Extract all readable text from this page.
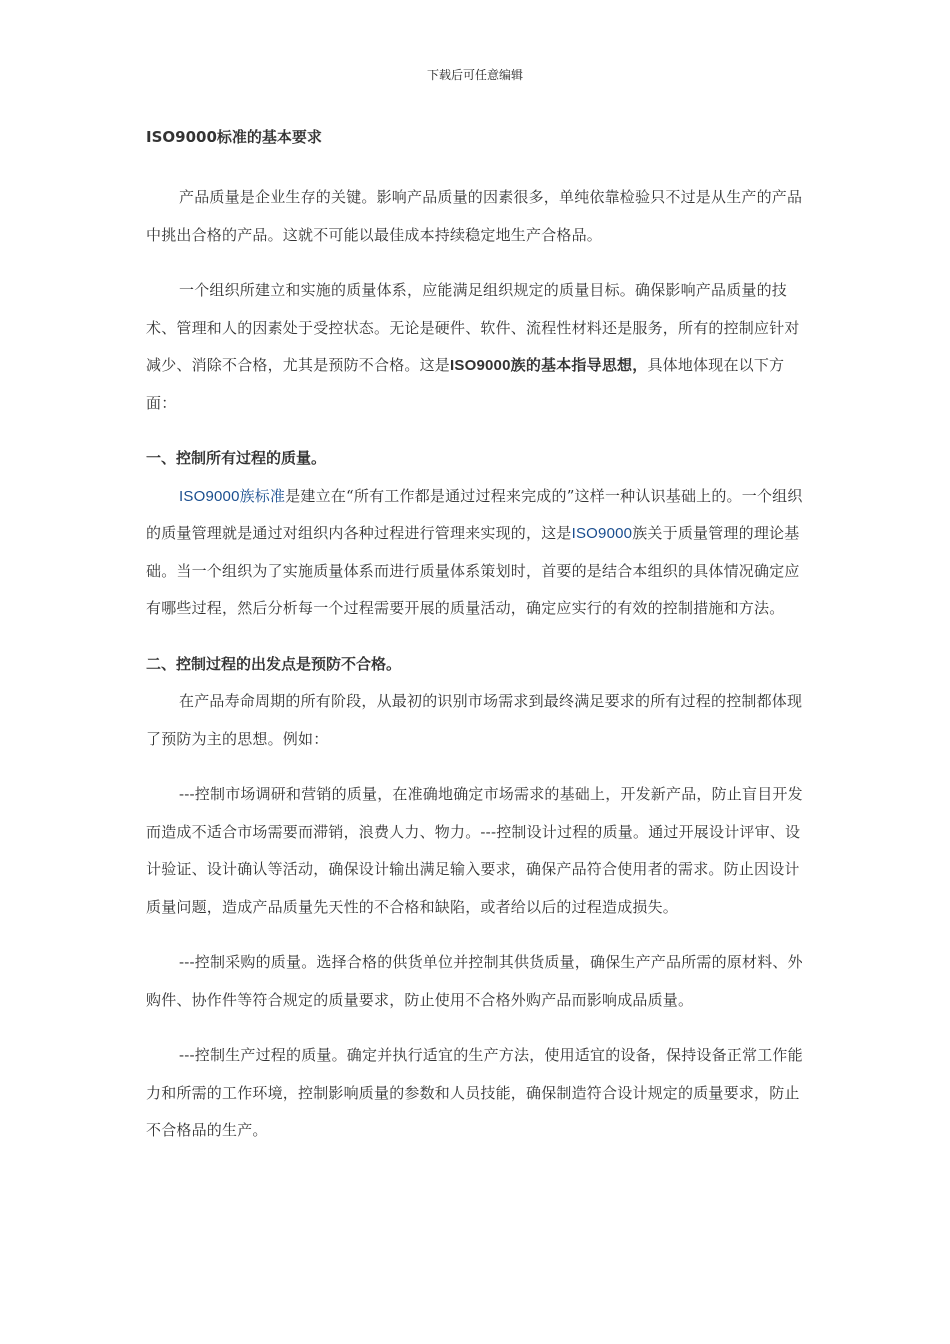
下载后可任意编辑
ISO9000标准的基本要求

产品质量是企业生存的关键。影响产品质量的因素很多，单纯依靠检验只不过是从生产的产品中挑出合格的产品。这就不可能以最佳成本持续稳定地生产合格品。

一个组织所建立和实施的质量体系，应能满足组织规定的质量目标。确保影响产品质量的技术、管理和人的因素处于受控状态。无论是硬件、软件、流程性材料还是服务，所有的控制应针对减少、消除不合格，尤其是预防不合格。这是ISO9000族的基本指导思想，具体地体现在以下方面：

一、控制所有过程的质量。

ISO9000族标准是建立在“所有工作都是通过过程来完成的”这样一种认识基础上的。一个组织的质量管理就是通过对组织内各种过程进行管理来实现的，这是ISO9000族关于质量管理的理论基础。当一个组织为了实施质量体系而进行质量体系策划时，首要的是结合本组织的具体情况确定应有哪些过程，然后分析每一个过程需要开展的质量活动，确定应实行的有效的控制措施和方法。

二、控制过程的出发点是预防不合格。

在产品寿命周期的所有阶段，从最初的识别市场需求到最终满足要求的所有过程的控制都体现了预防为主的思想。例如：

---控制市场调研和营销的质量，在准确地确定市场需求的基础上，开发新产品，防止盲目开发而造成不适合市场需要而滞销，浪费人力、物力。---控制设计过程的质量。通过开展设计评审、设计验证、设计确认等活动，确保设计输出满足输入要求，确保产品符合使用者的需求。防止因设计质量问题，造成产品质量先天性的不合格和缺陷，或者给以后的过程造成损失。

---控制采购的质量。选择合格的供货单位并控制其供货质量，确保生产产品所需的原材料、外购件、协作件等符合规定的质量要求，防止使用不合格外购产品而影响成品质量。

---控制生产过程的质量。确定并执行适宜的生产方法，使用适宜的设备，保持设备正常工作能力和所需的工作环境，控制影响质量的参数和人员技能，确保制造符合设计规定的质量要求，防止不合格品的生产。
